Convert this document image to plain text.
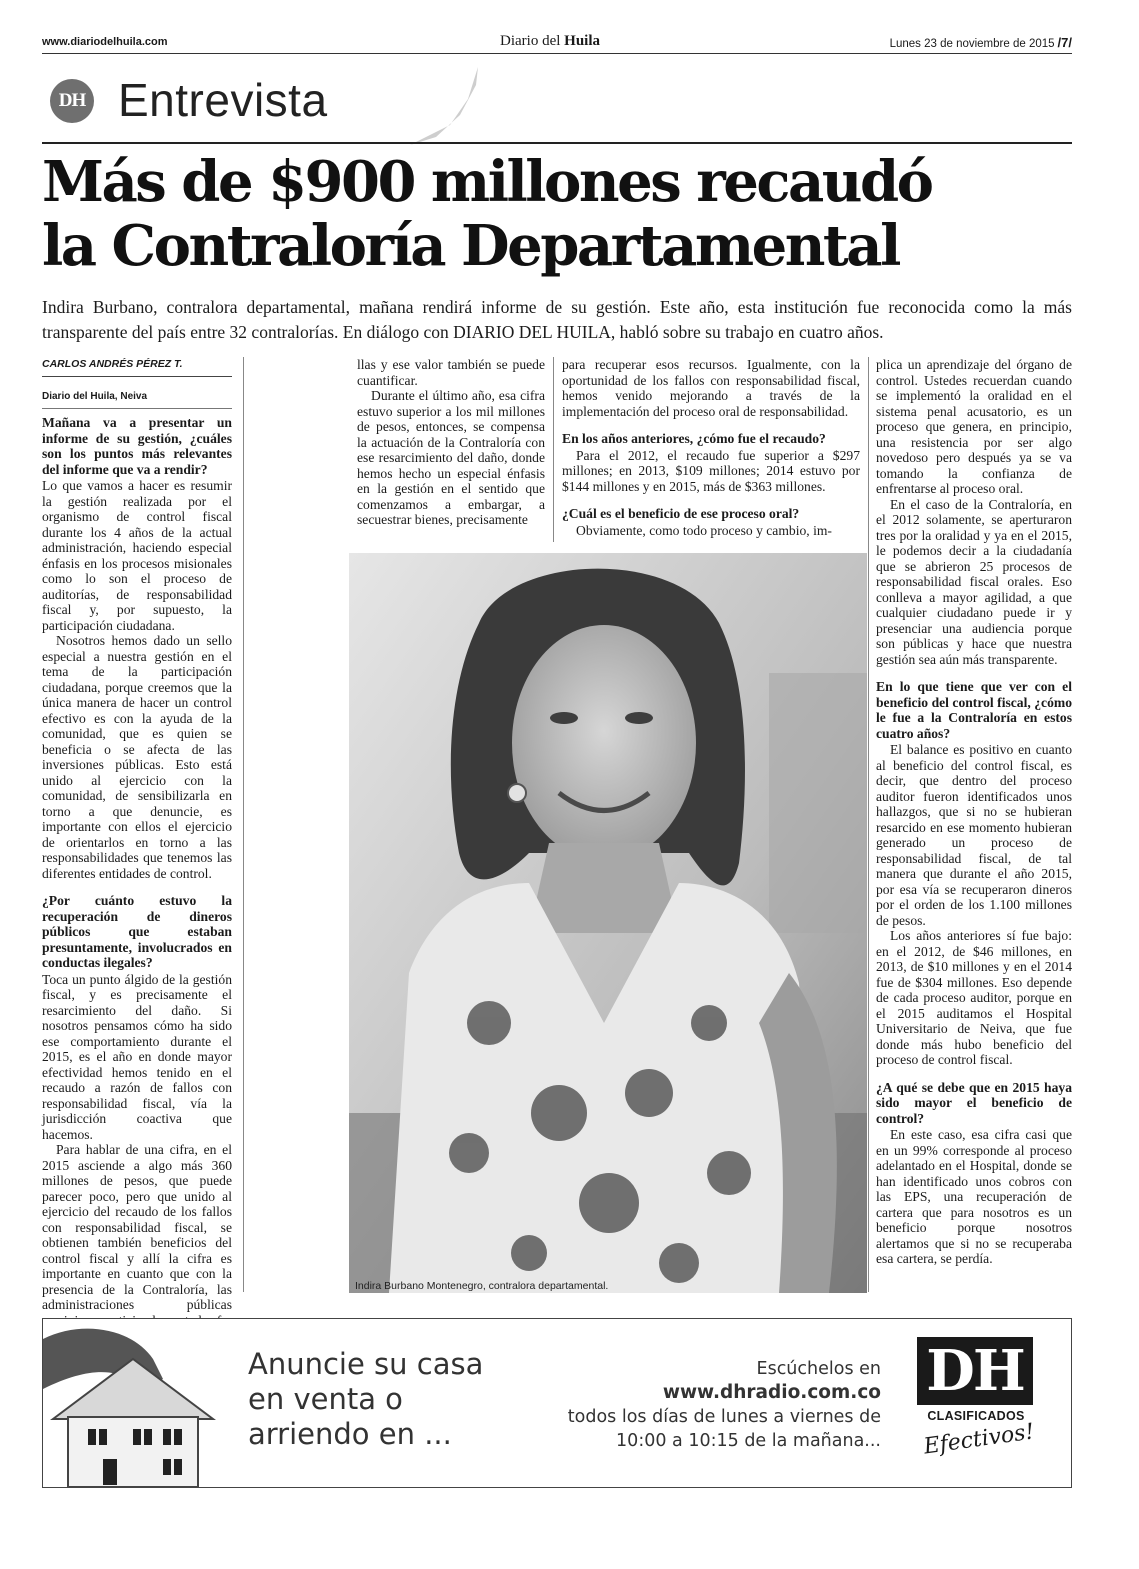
www.diariodelhuila.com	Diario del Huila	Lunes 23 de noviembre de 2015 /7/
DH Entrevista
Más de $900 millones recaudó
la Contraloría Departamental

Indira Burbano, contralora departamental, mañana rendirá informe de su gestión. Este año, esta institución fue reconocida como la más transparente del país entre 32 contralorías. En diálogo con DIARIO DEL HUILA, habló sobre su trabajo en cuatro años.

CARLOS ANDRÉS PÉREZ T.
Diario del Huila, Neiva

Mañana va a presentar un informe de su gestión, ¿cuáles son los puntos más relevantes del informe que va a rendir?

Lo que vamos a hacer es resumir la gestión realizada por el organismo de control fiscal durante los 4 años de la actual administración, haciendo especial énfasis en los procesos misionales como lo son el proceso de auditorías, de responsabilidad fiscal y, por supuesto, la participación ciudadana.

Nosotros hemos dado un sello especial a nuestra gestión en el tema de la participación ciudadana, porque creemos que la única manera de hacer un control efectivo es con la ayuda de la comunidad, que es quien se beneficia o se afecta de las inversiones públicas. Esto está unido al ejercicio con la comunidad, de sensibilizarla en torno a que denuncie, es importante con ellos el ejercicio de orientarlos en torno a las responsabilidades que tenemos las diferentes entidades de control.

¿Por cuánto estuvo la recuperación de dineros públicos que estaban presuntamente, involucrados en conductas ilegales?

Toca un punto álgido de la gestión fiscal, y es precisamente el resarcimiento del daño. Si nosotros pensamos cómo ha sido ese comportamiento durante el 2015, es el año en donde mayor efectividad hemos tenido en el recaudo a razón de fallos con responsabilidad fiscal, vía la jurisdicción coactiva que hacemos.

Para hablar de una cifra, en el 2015 asciende a algo más 360 millones de pesos, que puede parecer poco, pero que unido al ejercicio del recaudo de los fallos con responsabilidad fiscal, se obtienen también beneficios del control fiscal y allí la cifra es importante en cuanto que con la presencia de la Contraloría, las administraciones públicas

llas y ese valor también se puede cuantificar.

Durante el último año, esa cifra estuvo superior a los mil millones de pesos, entonces, se compensa la actuación de la Contraloría con ese resarcimiento del daño, donde hemos hecho un especial énfasis en la gestión en el sentido que comenzamos a embargar, a secuestrar bienes, precisamente

para recuperar esos recursos. Igualmente, con la oportunidad de los fallos con responsabilidad fiscal, hemos venido mejorando a través de la implementación del proceso oral de responsabilidad.

En los años anteriores, ¿cómo fue el recaudo?

Para el 2012, el recaudo fue superior a $297 millones; en 2013, $109 millones; 2014 estuvo por $144 millones y en 2015, más de $363 millones.

¿Cuál es el beneficio de ese proceso oral?

Obviamente, como todo proceso y cambio, im-

plica un aprendizaje del órgano de control. Ustedes recuerdan cuando se implementó la oralidad en el sistema penal acusatorio, es un proceso que genera, en principio, una resistencia por ser algo novedoso pero después ya se va tomando la confianza de enfrentarse al proceso oral.

En el caso de la Contraloría, en el 2012 solamente, se aperturaron tres por la oralidad y ya en el 2015, le podemos decir a la ciudadanía que se abrieron 25 procesos de responsabilidad fiscal orales. Eso conlleva a mayor agilidad, a que cualquier ciudadano puede ir y presenciar una audiencia porque son públicas y hace que nuestra gestión sea aún más transparente.

En lo que tiene que ver con el beneficio del control fiscal, ¿cómo le fue a la Contraloría en estos cuatro años?

El balance es positivo en cuanto al beneficio del control fiscal, es decir, que dentro del proceso auditor fueron identificados unos hallazgos, que si no se hubieran resarcido en ese momento hubieran generado un proceso de responsabilidad fiscal, de tal manera que durante el año 2015, por esa vía se recuperaron dineros por el orden de los 1.100 millones de pesos.

Los años anteriores sí fue bajo: en el 2012, de $46 millones, en 2013, de $10 millones y en el 2014 fue de $304 millones. Eso depende de cada proceso auditor, porque en el 2015 auditamos el Hospital Universitario de Neiva, que fue donde más hubo beneficio del proceso de control fiscal.

¿A qué se debe que en 2015 haya sido mayor el beneficio de control?

En este caso, esa cifra casi que en un 99% corresponde al proceso adelantado en el Hospital, donde se han identificado unos cobros con las EPS, una recuperación de cartera que para nosotros es un beneficio porque nosotros alertamos que si no se recuperaba esa cartera, se perdía.

Indira Burbano Montenegro, contralora departamental.
Anuncie su casa
en venta o
arriendo en ...
Escúchelos en
www.dhradio.com.co
todos los días de lunes a viernes de
10:00 a 10:15 de la mañana...
DH
CLASIFICADOS
Efectivos!
